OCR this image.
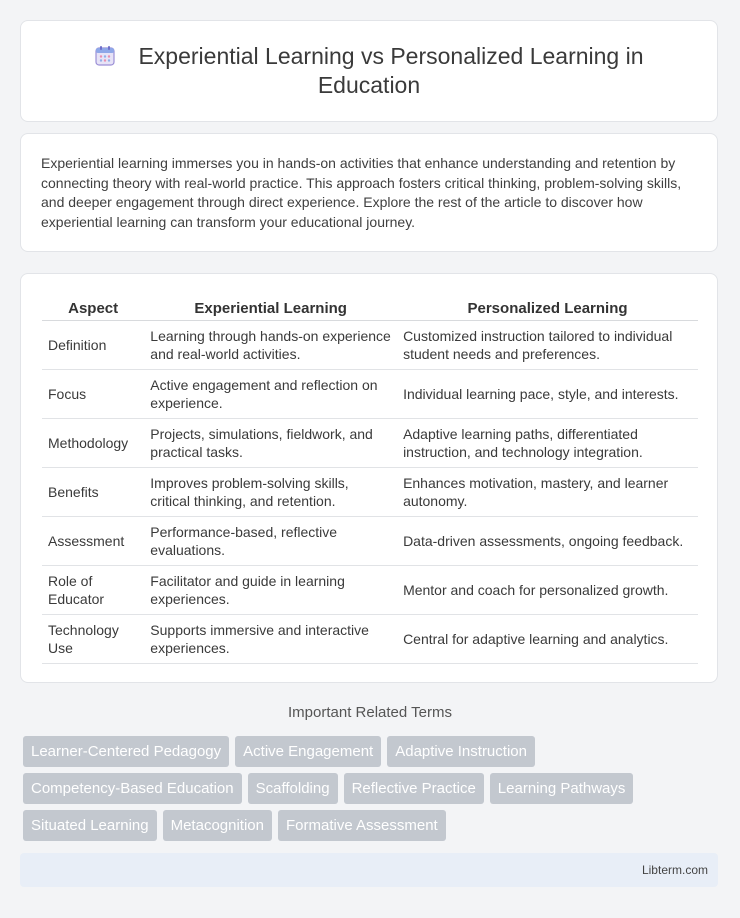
Experiential Learning vs Personalized Learning in Education

Experiential learning immerses you in hands-on activities that enhance understanding and retention by connecting theory with real-world practice. This approach fosters critical thinking, problem-solving skills, and deeper engagement through direct experience. Explore the rest of the article to discover how experiential learning can transform your educational journey.

Aspect	Experiential Learning	Personalized Learning
Definition	Learning through hands-on experience and real-world activities.	Customized instruction tailored to individual student needs and preferences.
Focus	Active engagement and reflection on experience.	Individual learning pace, style, and interests.
Methodology	Projects, simulations, fieldwork, and practical tasks.	Adaptive learning paths, differentiated instruction, and technology integration.
Benefits	Improves problem-solving skills, critical thinking, and retention.	Enhances motivation, mastery, and learner autonomy.
Assessment	Performance-based, reflective evaluations.	Data-driven assessments, ongoing feedback.
Role of Educator	Facilitator and guide in learning experiences.	Mentor and coach for personalized growth.
Technology Use	Supports immersive and interactive experiences.	Central for adaptive learning and analytics.
Important Related Terms
Learner-Centered Pedagogy	Active Engagement	Adaptive Instruction
Competency-Based Education	Scaffolding	Reflective Practice	Learning Pathways
Situated Learning	Metacognition	Formative Assessment
Libterm.com
